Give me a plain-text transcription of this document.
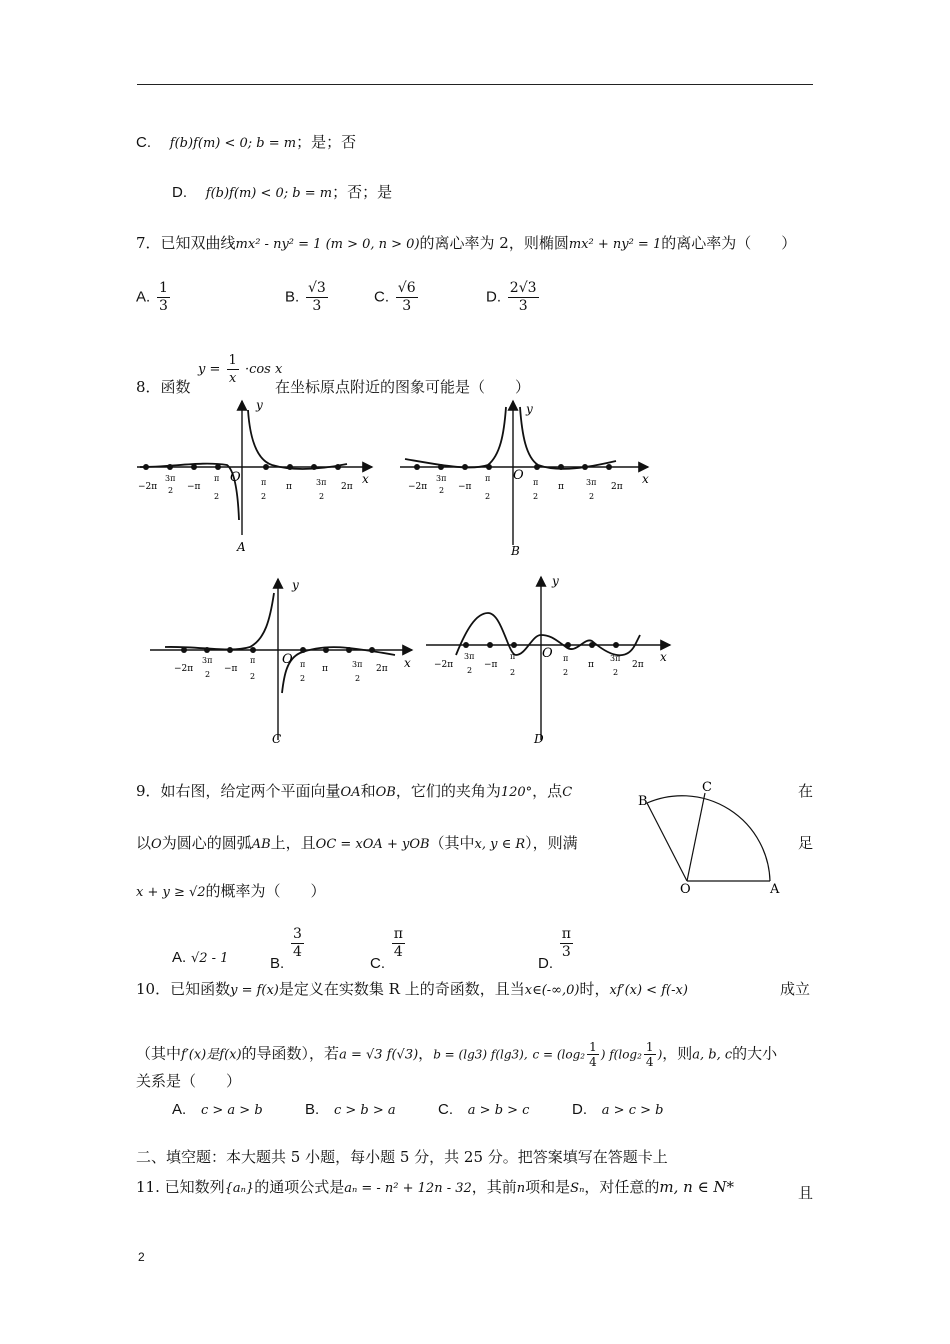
C. f(b)f(m) < 0; b = m；是；否
D. f(b)f(m) < 0; b = m；否；是
7．已知双曲线mx² - ny² = 1 (m > 0, n > 0)的离心率为 2，则椭圆mx² + ny² = 1的离心率为（　　）
A. $\frac{1}{3}$	B. $\frac{√3}{3}$	C. $\frac{√6}{3}$	D. $\frac{2√3}{3}$
8．函数
$y = \frac{1}{x} \cdot\cos$ x
在坐标原点附近的图象可能是（　　）
y
x
O
A
−2π
3π
2 −π
π
2
π
2
π	3π
2
2π
y
x
O
B
−2π
3π
2 −π
π
2
π
2
π	3π
2
2π
y
x
O
C
−2π
3π
2
−π
π
2
π
2
π	3π
2
2π
y
x
O
D
−2π
3π
2
−π
π
2
π
2
π
3π
2
2π
9．如右图，给定两个平面向量OA和OB，它们的夹角为120°，点C	在
以O为圆心的圆弧AB上，且OC = xOA + yOB（其中x, y ∈ R），则满	足
x + y ≥ √2的概率为（　　）
B
C
O	A
A. √2 - 1	B.
$\frac{3}{4}$
C.
$\frac{\pi}{4}$
D.
$\frac{\pi}{3}$
10．已知函数y = f(x)是定义在实数集 R 上的奇函数，且当x∈(-∞,0)时，xf′(x) < f(-x)	成立
（其中f′(x)是f(x)的导函数），若a = √3 f(√3)，b = (lg3) f(lg3), $c = (\log_2 \frac{1}{4}$ ) $f(\log_2 \frac{1}{4}$ )，则a, b, c的大小
关系是（　　）
A. c > a > b	B. c > b > a	C. a > b > c	D. a > c > b
二、填空题：本大题共 5 小题，每小题 5 分，共 25 分。把答案填写在答题卡上
11. 已知数列{aₙ}的通项公式是aₙ = - n² + 12n - 32，其前n项和是Sₙ，对任意的m, n ∈ N*	且
2
